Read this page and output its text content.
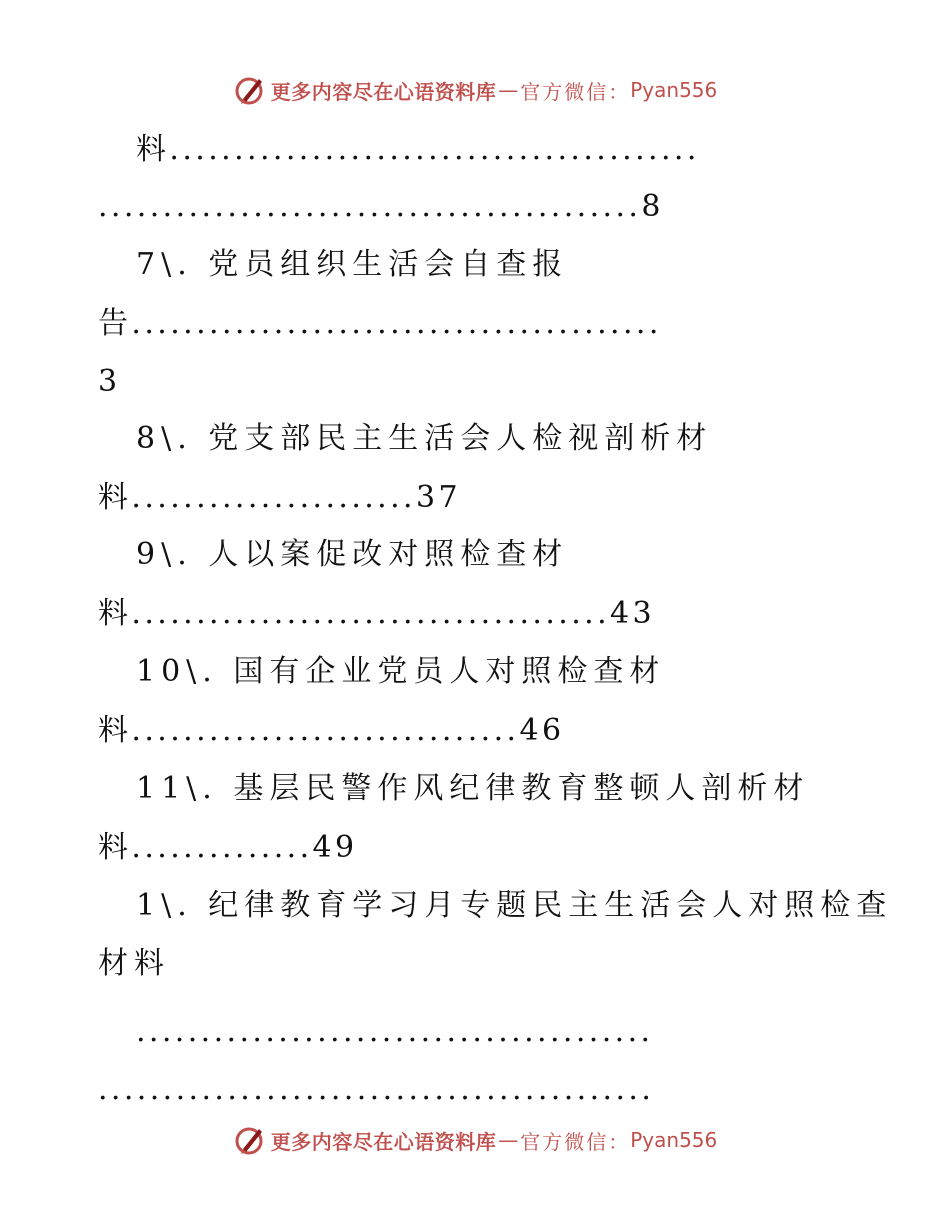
更多内容尽在心语资料库 — 官方微信： Pyan556
料.........................................
..........................................8
7\. 党员组织生活会自查报
告.........................................
3
8\. 党支部民主生活会人检视剖析材
料......................37
9\. 人以案促改对照检查材
料.....................................43
10\. 国有企业党员人对照检查材
料..............................46
11\. 基层民警作风纪律教育整顿人剖析材
料..............49
1\. 纪律教育学习月专题民主生活会人对照检查
材料
........................................
...........................................
更多内容尽在心语资料库 — 官方微信： Pyan556
